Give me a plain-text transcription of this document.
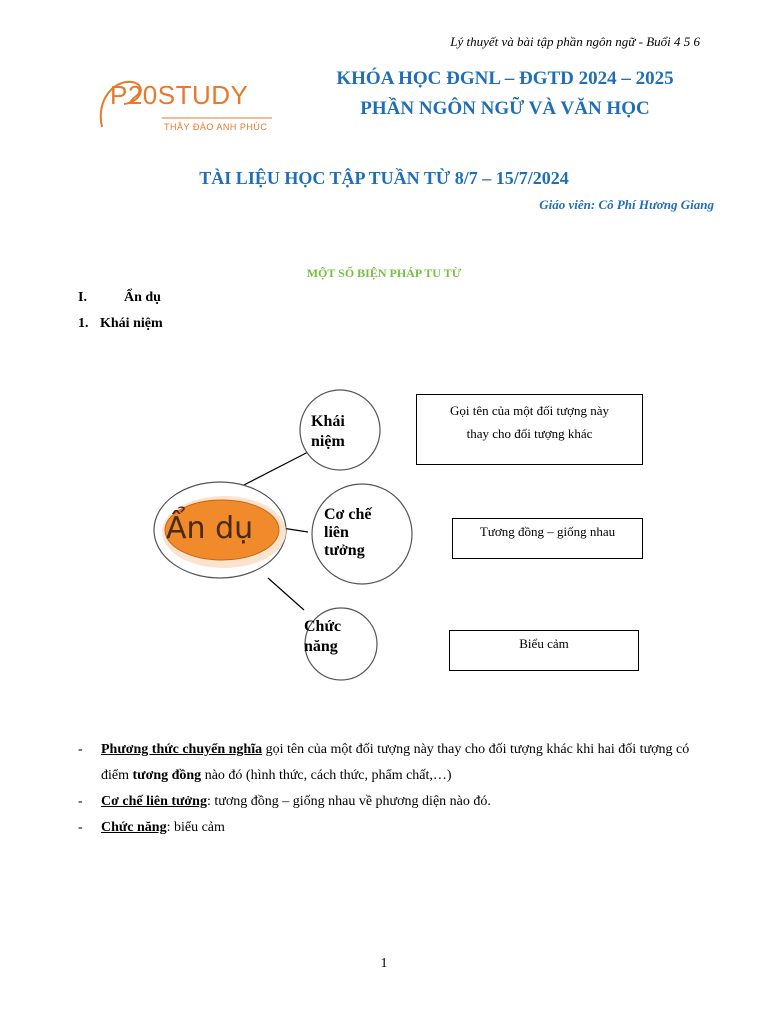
Lý thuyết và bài tập phần ngôn ngữ - Buổi 4 5 6
P20STUDY
THẦY ĐÀO ANH PHÚC
KHÓA HỌC ĐGNL – ĐGTD 2024 – 2025
PHẦN NGÔN NGỮ VÀ VĂN HỌC
TÀI LIỆU HỌC TẬP TUẦN TỪ 8/7 – 15/7/2024
Giáo viên: Cô Phí Hương Giang
MỘT SỐ BIỆN PHÁP TU TỪ
I.	Ẩn dụ
1. Khái niệm
Ẩn dụ
Khái
niệm
Cơ chế
liên
tưởng
Chức
năng
Gọi tên của một đối tượng này
thay cho đối tượng khác
Tương đồng – giống nhau
Biểu cảm
-	Phương thức chuyển nghĩa gọi tên của một đối tượng này thay cho đối tượng khác khi hai đối tượng có điểm tương đồng nào đó (hình thức, cách thức, phẩm chất,…)
-	Cơ chế liên tưởng: tương đồng – giống nhau về phương diện nào đó.
-	Chức năng: biểu cảm
1
